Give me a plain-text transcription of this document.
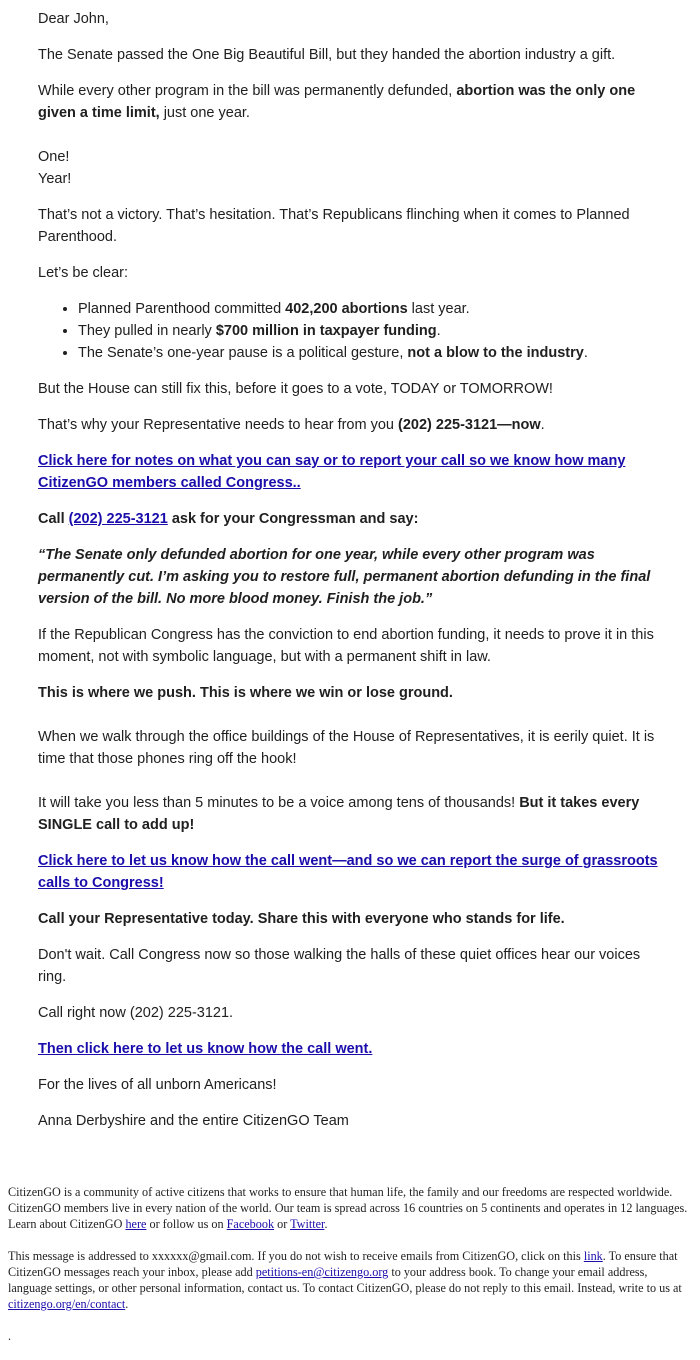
Dear John,

The Senate passed the One Big Beautiful Bill, but they handed the abortion industry a gift.

While every other program in the bill was permanently defunded, abortion was the only one given a time limit, just one year.

One!

Year!

That’s not a victory. That’s hesitation. That’s Republicans flinching when it comes to Planned Parenthood.

Let’s be clear:

• Planned Parenthood committed 402,200 abortions last year.
• They pulled in nearly $700 million in taxpayer funding.
• The Senate’s one-year pause is a political gesture, not a blow to the industry.

But the House can still fix this, before it goes to a vote, TODAY or TOMORROW!

That’s why your Representative needs to hear from you (202) 225-3121—now.

Click here for notes on what you can say or to report your call so we know how many CitizenGO members called Congress..

Call (202) 225-3121 ask for your Congressman and say:

“The Senate only defunded abortion for one year, while every other program was permanently cut. I’m asking you to restore full, permanent abortion defunding in the final version of the bill. No more blood money. Finish the job.”

If the Republican Congress has the conviction to end abortion funding, it needs to prove it in this moment, not with symbolic language, but with a permanent shift in law.

This is where we push. This is where we win or lose ground.

When we walk through the office buildings of the House of Representatives, it is eerily quiet. It is time that those phones ring off the hook!

It will take you less than 5 minutes to be a voice among tens of thousands! But it takes every SINGLE call to add up!

Click here to let us know how the call went—and so we can report the surge of grassroots calls to Congress!

Call your Representative today. Share this with everyone who stands for life.

Don't wait. Call Congress now so those walking the halls of these quiet offices hear our voices ring.

Call right now (202) 225-3121.

Then click here to let us know how the call went.

For the lives of all unborn Americans!

Anna Derbyshire and the entire CitizenGO Team

CitizenGO is a community of active citizens that works to ensure that human life, the family and our freedoms are respected worldwide. CitizenGO members live in every nation of the world. Our team is spread across 16 countries on 5 continents and operates in 12 languages. Learn about CitizenGO here or follow us on Facebook or Twitter.
This message is addressed to xxxxxx@gmail.com. If you do not wish to receive emails from CitizenGO, click on this link. To ensure that CitizenGO messages reach your inbox, please add petitions-en@citizengo.org to your address book. To change your email address, language settings, or other personal information, contact us. To contact CitizenGO, please do not reply to this email. Instead, write to us at citizengo.org/en/contact.
.
